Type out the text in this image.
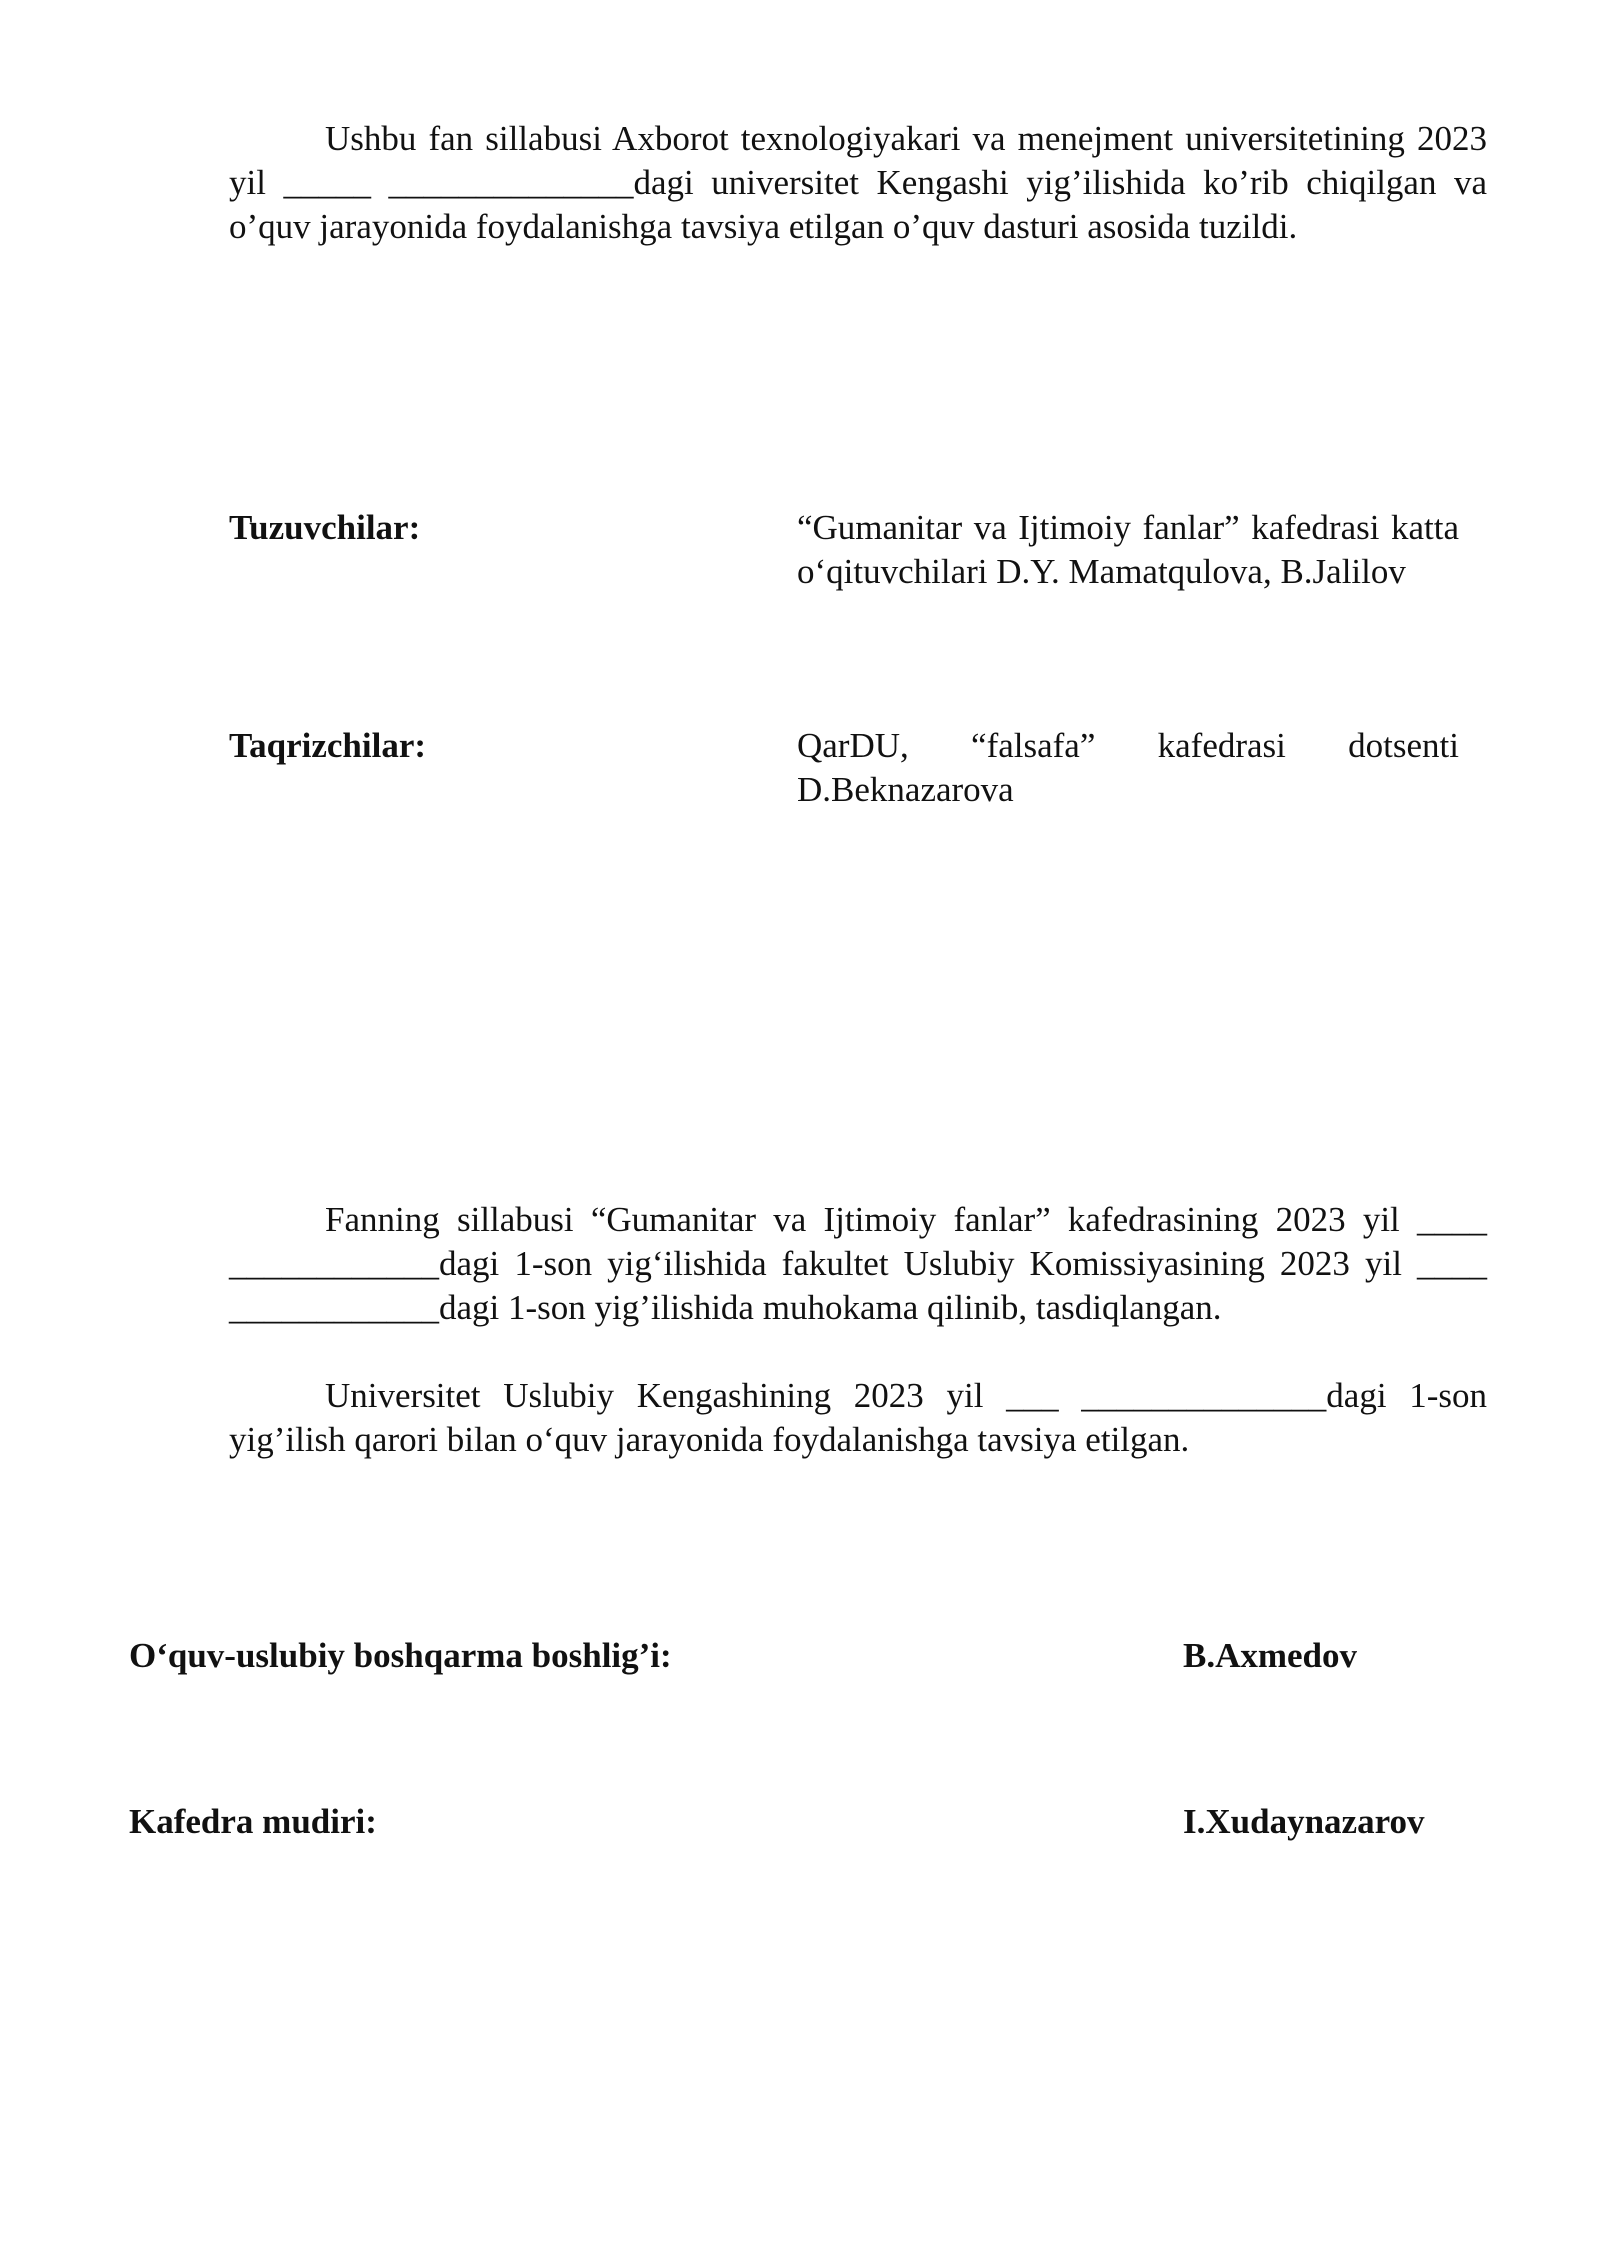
Ushbu fan sillabusi Axborot texnologiyakari va menejment universitetining 2023 yil _____ ______________dagi universitet Kengashi yig’ilishida ko’rib chiqilgan va o’quv jarayonida foydalanishga tavsiya etilgan o’quv dasturi asosida tuzildi.

Tuzuvchilar:	“Gumanitar va Ijtimoiy fanlar” kafedrasi katta o‘qituvchilari D.Y. Mamatqulova, B.Jalilov

Taqrizchilar:	QarDU, “falsafa” kafedrasi dotsenti D.Beknazarova

Fanning sillabusi “Gumanitar va Ijtimoiy fanlar” kafedrasining 2023 yil ____ ____________dagi 1-son yig‘ilishida fakultet Uslubiy Komissiyasining 2023 yil ____ ____________dagi 1-son yig’ilishida muhokama qilinib, tasdiqlangan.

Universitet Uslubiy Kengashining 2023 yil ___ ______________dagi 1-son yig’ilish qarori bilan o‘quv jarayonida foydalanishga tavsiya etilgan.

O‘quv-uslubiy boshqarma boshlig’i:	B.Axmedov

Kafedra mudiri:	I.Xudaynazarov
